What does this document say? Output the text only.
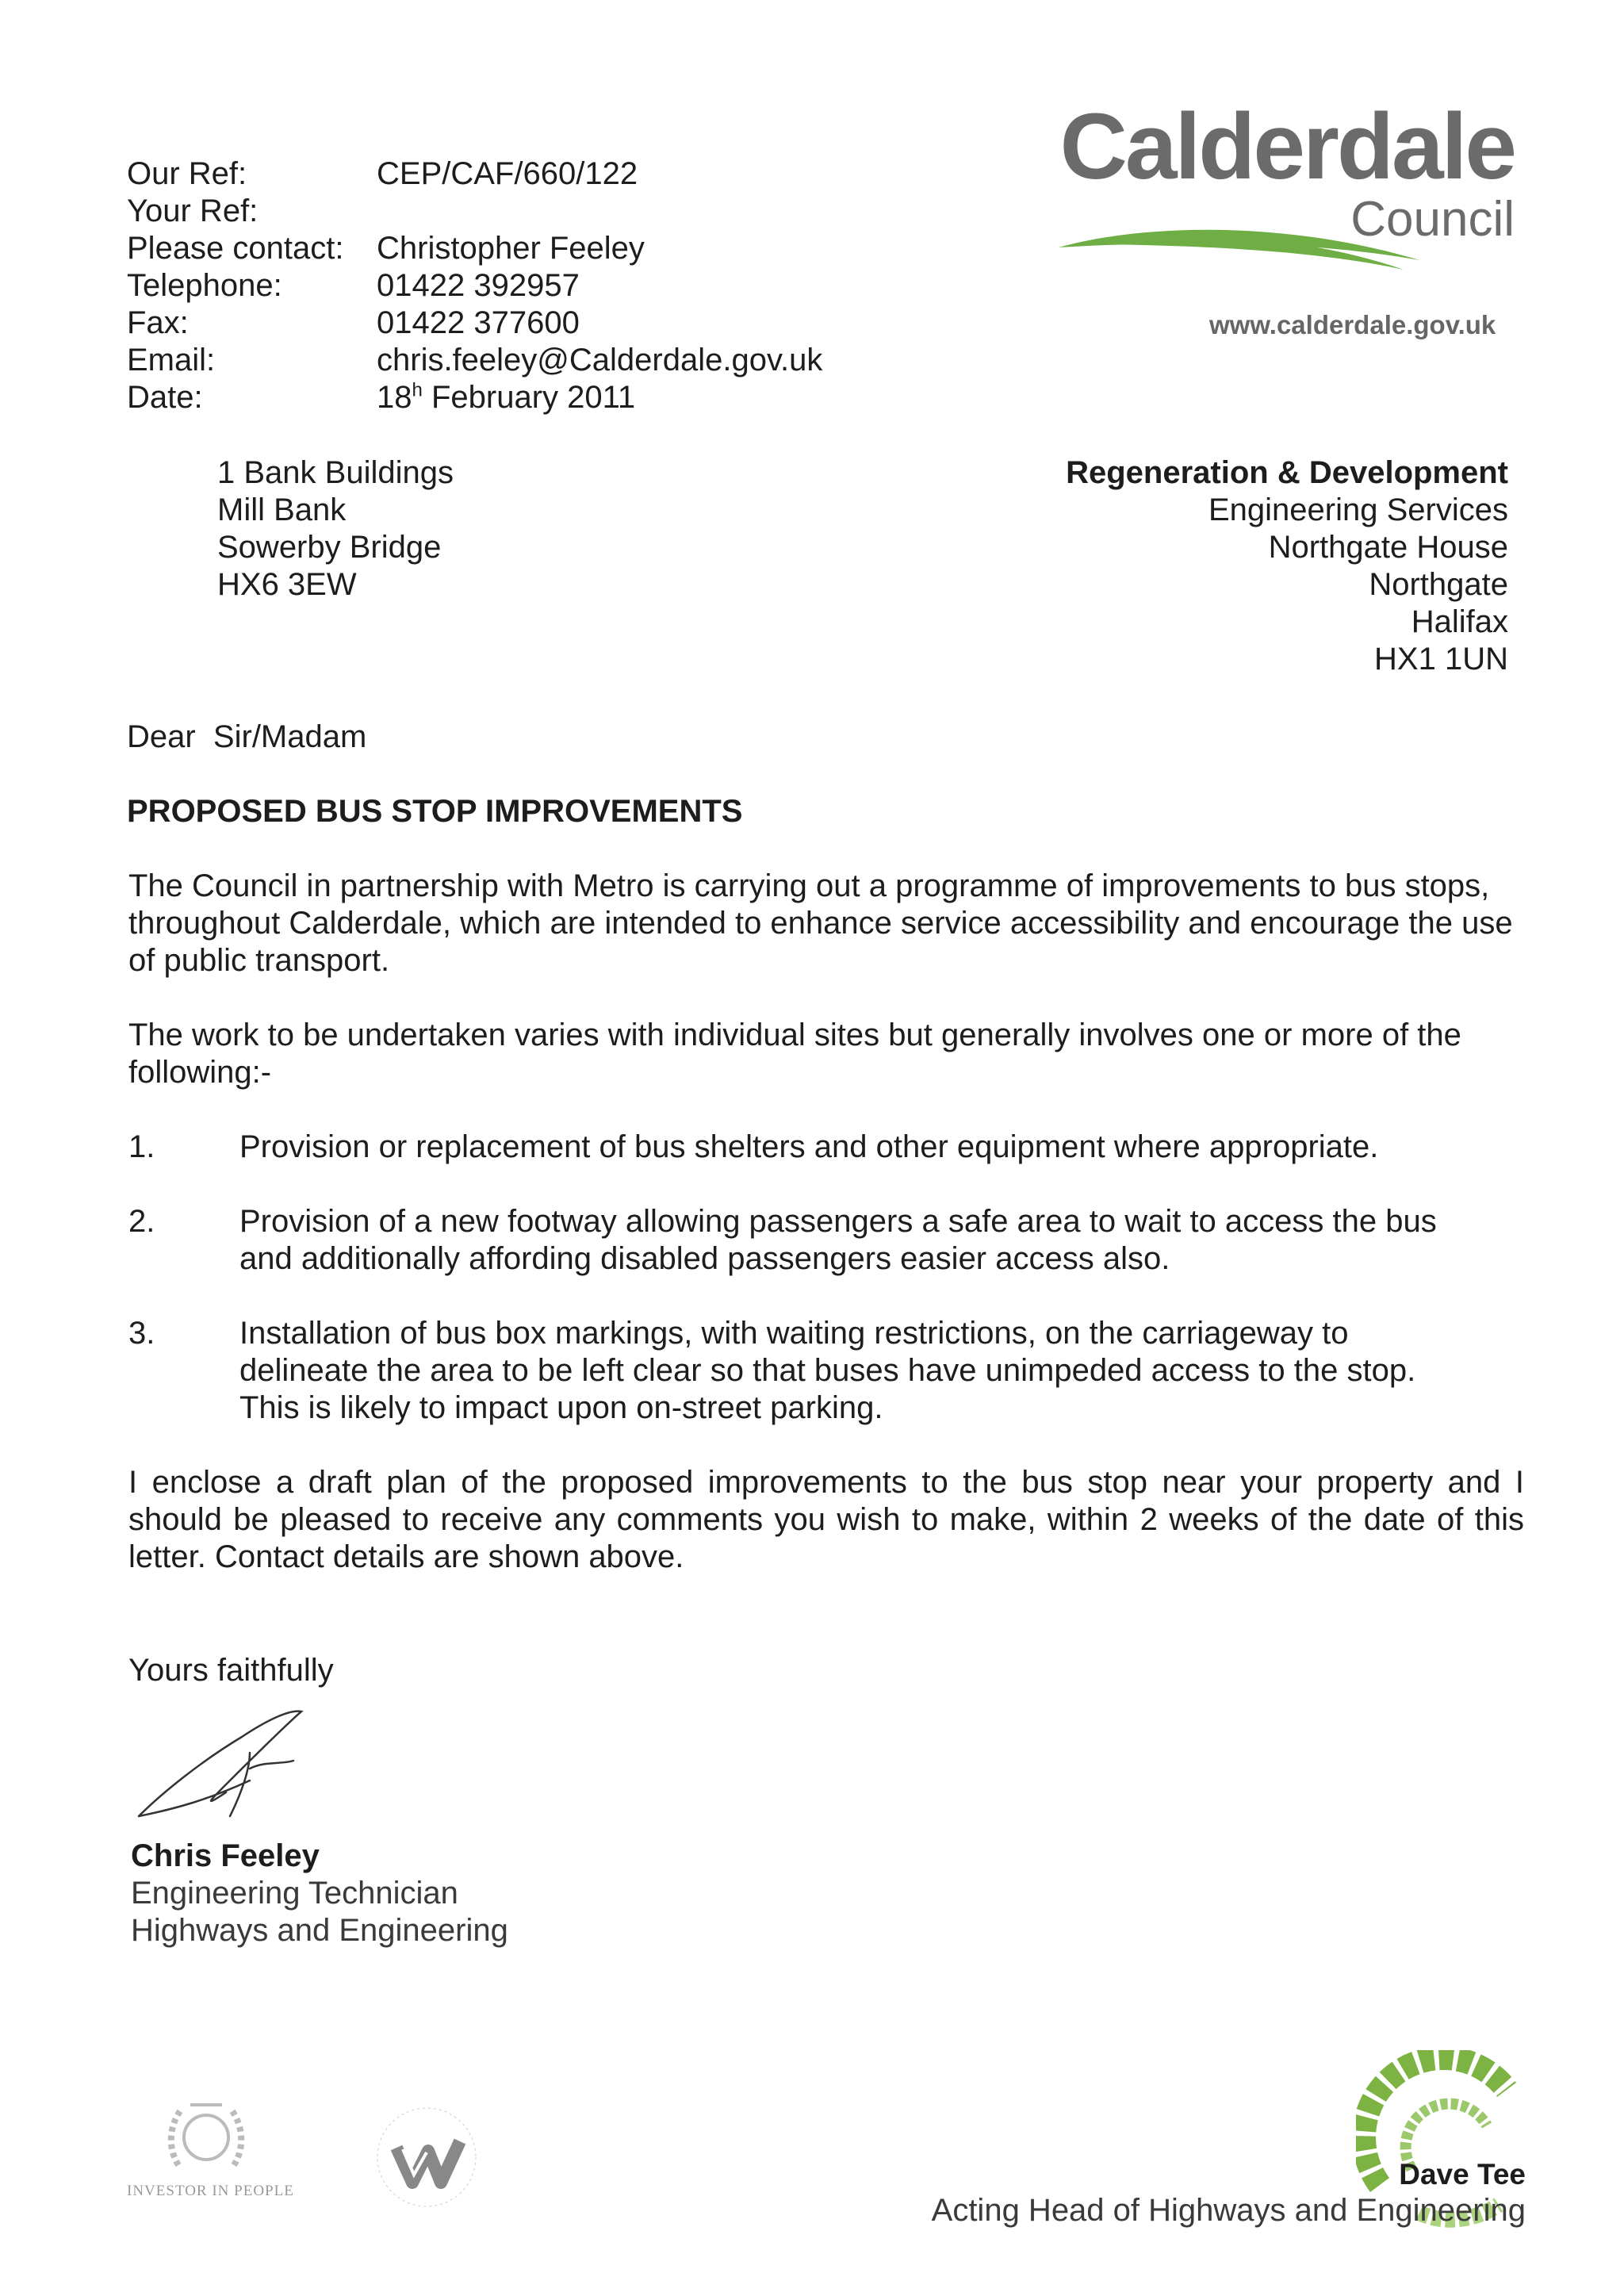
Calderdale
Council
www.calderdale.gov.uk
Our Ref:	CEP/CAF/660/122
Your Ref:
Please contact: Christopher Feeley
Telephone:	01422 392957
Fax:	01422 377600
Email:	chris.feeley@Calderdale.gov.uk
Date:	18$^h$ February 2011
1 Bank Buildings
Mill Bank
Sowerby Bridge
HX6 3EW
Regeneration & Development
Engineering Services
Northgate House
Northgate
Halifax
HX1 1UN
Dear  Sir/Madam
PROPOSED BUS STOP IMPROVEMENTS
The Council in partnership with Metro is carrying out a programme of improvements to bus stops, throughout Calderdale, which are intended to enhance service accessibility and encourage the use of public transport.
The work to be undertaken varies with individual sites but generally involves one or more of the following:-
1.	Provision or replacement of bus shelters and other equipment where appropriate.
2.	Provision of a new footway allowing passengers a safe area to wait to access the bus and additionally affording disabled passengers easier access also.
3.	Installation of bus box markings, with waiting restrictions, on the carriageway to delineate the area to be left clear so that buses have unimpeded access to the stop. This is likely to impact upon on-street parking.
I enclose a draft plan of the proposed improvements to the bus stop near your property and I should be pleased to receive any comments you wish to make, within 2 weeks of the date of this letter. Contact details are shown above.
Yours faithfully
Chris Feeley
Engineering Technician
Highways and Engineering
INVESTOR IN PEOPLE
Dave Tee
Acting Head of Highways and Engineering
